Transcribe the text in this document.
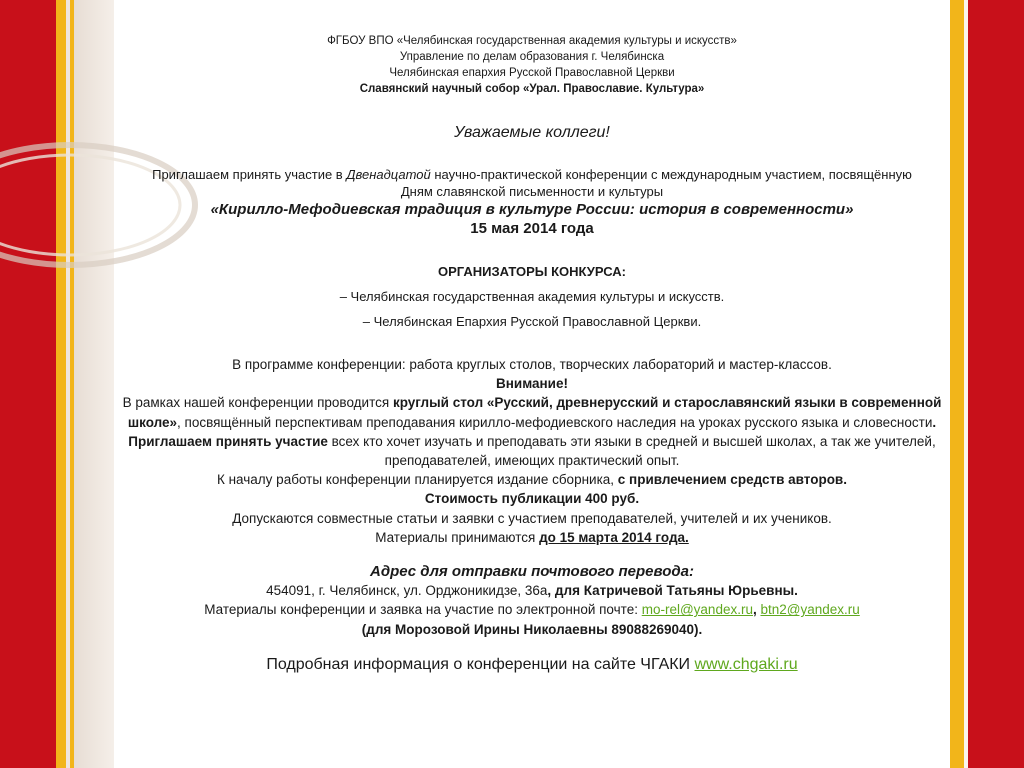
ФГБОУ ВПО «Челябинская государственная академия культуры и искусств»

Управление по делам образования г. Челябинска

Челябинская епархия Русской Православной Церкви

Славянский научный собор «Урал. Православие. Культура»

Уважаемые коллеги!

Приглашаем принять участие в Двенадцатой научно-практической конференции с международным участием, посвящённую

Дням славянской письменности и культуры

«Кирилло-Мефодиевская традиция в культуре России: история в современности»

15 мая 2014 года

ОРГАНИЗАТОРЫ КОНКУРСА:

– Челябинская государственная академия культуры и искусств.

– Челябинская Епархия Русской Православной Церкви.

В программе конференции: работа круглых столов, творческих лабораторий и мастер-классов.

Внимание!

В рамках нашей конференции проводится круглый стол «Русский, древнерусский и старославянский языки в современной школе», посвящённый перспективам преподавания кирилло-мефодиевского наследия на уроках русского языка и словесности. Приглашаем принять участие всех кто хочет изучать и преподавать эти языки в средней и высшей школах, а так же учителей, преподавателей, имеющих практический опыт.

К началу работы конференции планируется издание сборника, с привлечением средств авторов.

Стоимость публикации 400 руб.

Допускаются совместные статьи и заявки с участием преподавателей, учителей и их учеников.

Материалы принимаются до 15 марта 2014 года.

Адрес для отправки почтового перевода:

454091, г. Челябинск, ул. Орджоникидзе, 36а, для Катричевой Татьяны Юрьевны.

Материалы конференции и заявка на участие по электронной почте: mo-rel@yandex.ru, btn2@yandex.ru

(для Морозовой Ирины Николаевны 89088269040).

Подробная информация о конференции на сайте ЧГАКИ www.chgaki.ru
